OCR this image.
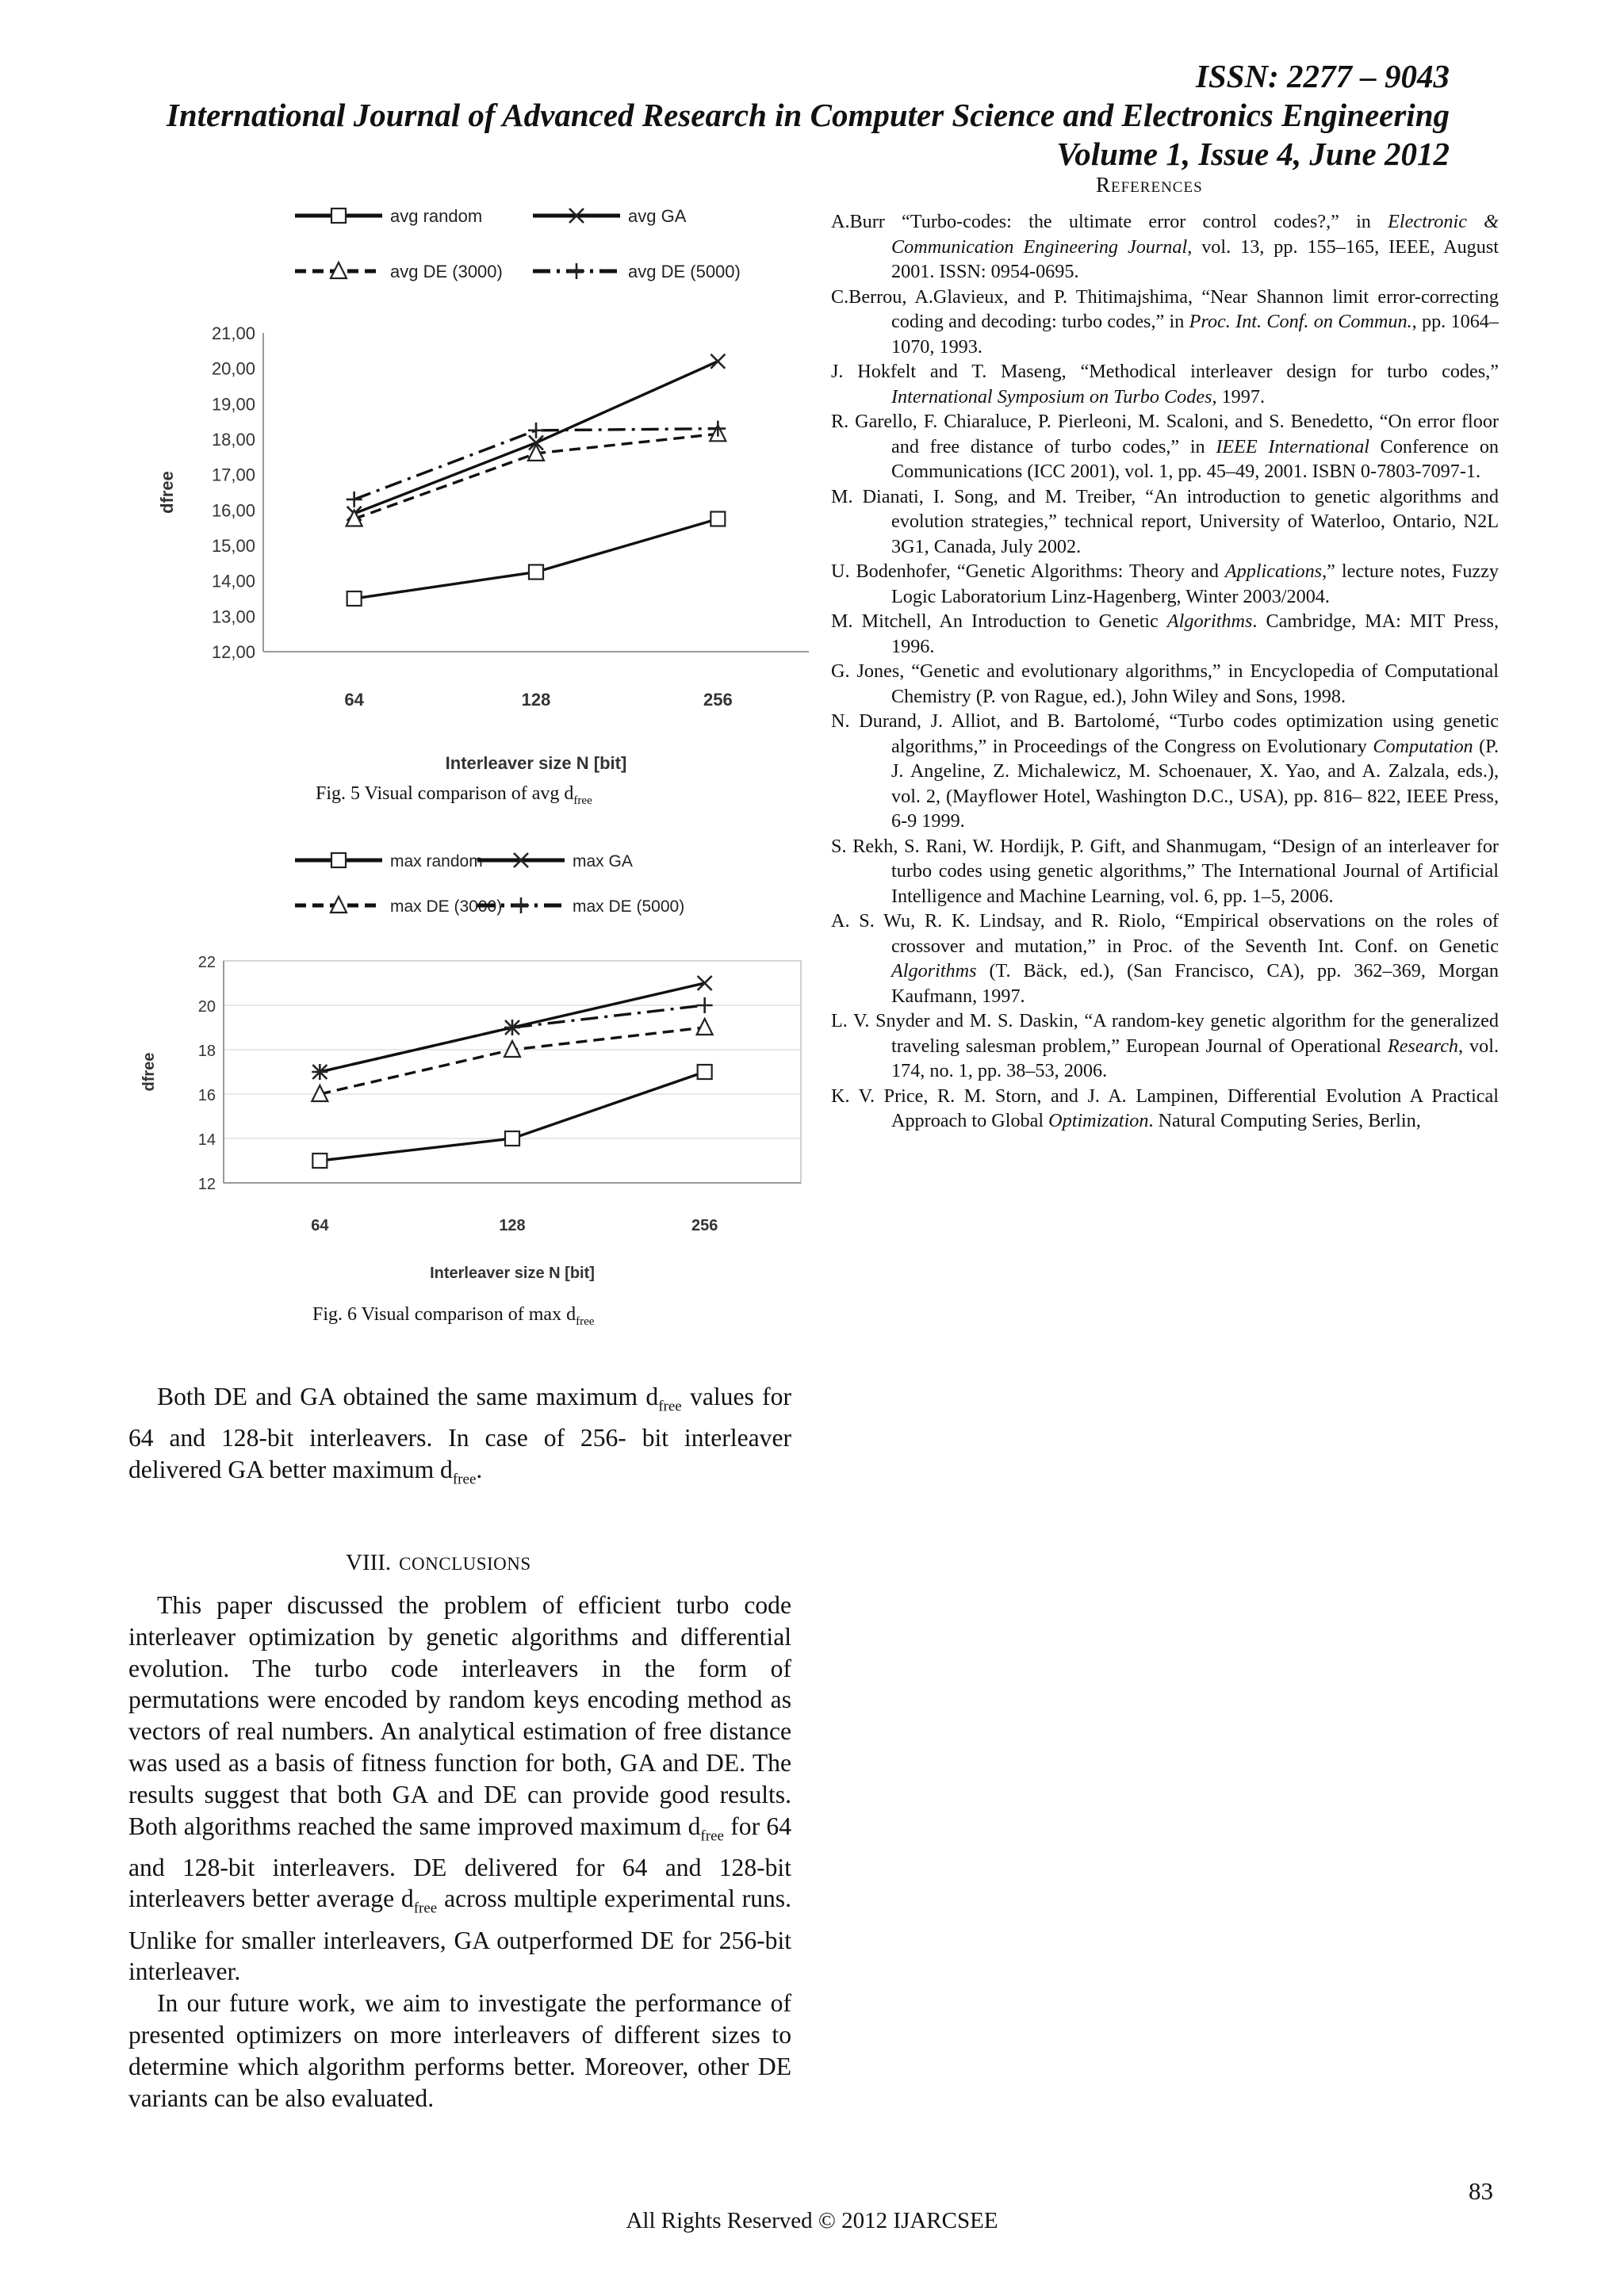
ISSN: 2277 – 9043
International Journal of Advanced Research in Computer Science and Electronics Engineering
Volume 1, Issue 4, June 2012
References

A.Burr “Turbo-codes: the ultimate error control codes?,” in Electronic & Communication Engineering Journal, vol. 13, pp. 155–165, IEEE, August 2001. ISSN: 0954-0695.

C.Berrou, A.Glavieux, and P. Thitimajshima, “Near Shannon limit error-correcting coding and decoding: turbo codes,” in Proc. Int. Conf. on Commun., pp. 1064–1070, 1993.

J. Hokfelt and T. Maseng, “Methodical interleaver design for turbo codes,” International Symposium on Turbo Codes, 1997.

R. Garello, F. Chiaraluce, P. Pierleoni, M. Scaloni, and S. Benedetto, “On error floor and free distance of turbo codes,” in IEEE International Conference on Communications (ICC 2001), vol. 1, pp. 45–49, 2001. ISBN 0-7803-7097-1.

M. Dianati, I. Song, and M. Treiber, “An introduction to genetic algorithms and evolution strategies,” technical report, University of Waterloo, Ontario, N2L 3G1, Canada, July 2002.

U. Bodenhofer, “Genetic Algorithms: Theory and Applications,” lecture notes, Fuzzy Logic Laboratorium Linz-Hagenberg, Winter 2003/2004.

M. Mitchell, An Introduction to Genetic Algorithms. Cambridge, MA: MIT Press, 1996.

G. Jones, “Genetic and evolutionary algorithms,” in Encyclopedia of Computational Chemistry (P. von Rague, ed.), John Wiley and Sons, 1998.

N. Durand, J. Alliot, and B. Bartolomé, “Turbo codes optimization using genetic algorithms,” in Proceedings of the Congress on Evolutionary Computation (P. J. Angeline, Z. Michalewicz, M. Schoenauer, X. Yao, and A. Zalzala, eds.), vol. 2, (Mayflower Hotel, Washington D.C., USA), pp. 816– 822, IEEE Press, 6-9 1999.

S. Rekh, S. Rani, W. Hordijk, P. Gift, and Shanmugam, “Design of an interleaver for turbo codes using genetic algorithms,” The International Journal of Artificial Intelligence and Machine Learning, vol. 6, pp. 1–5, 2006.

A. S. Wu, R. K. Lindsay, and R. Riolo, “Empirical observations on the roles of crossover and mutation,” in Proc. of the Seventh Int. Conf. on Genetic Algorithms (T. Bäck, ed.), (San Francisco, CA), pp. 362–369, Morgan Kaufmann, 1997.

L. V. Snyder and M. S. Daskin, “A random-key genetic algorithm for the generalized traveling salesman problem,” European Journal of Operational Research, vol. 174, no. 1, pp. 38–53, 2006.

K. V. Price, R. M. Storn, and J. A. Lampinen, Differential Evolution A Practical Approach to Global Optimization. Natural Computing Series, Berlin,

avg random	avg GA
avg DE (3000)	avg DE (5000)
12,00
13,00
14,00
15,00
16,00
17,00
18,00
19,00
20,00
21,00
64	128	256
dfree
Interleaver size N [bit]
Fig. 5 Visual comparison of avg $d_{free}$
max random	max GA
max DE (3000)	max DE (5000)
12
14
16
18
20
22
64	128	256
dfree
Interleaver size N [bit]
Fig. 6 Visual comparison of $\max d_{free}$

Both DE and GA obtained the same maximum $d_{free}$ values for 64 and 128-bit interleavers. In case of 256- bit interleaver delivered GA better maximum $d_{free}$.

VIII. CONCLUSIONS

This paper discussed the problem of efficient turbo code interleaver optimization by genetic algorithms and differential evolution. The turbo code interleavers in the form of permutations were encoded by random keys encoding method as vectors of real numbers. An analytical estimation of free distance was used as a basis of fitness function for both, GA and DE. The results suggest that both GA and DE can provide good results. Both algorithms reached the same improved maximum $d_{free}$ for 64 and 128-bit interleavers. DE delivered for 64 and 128-bit interleavers better average $d_{free}$ across multiple experimental runs. Unlike for smaller interleavers, GA outperformed DE for 256-bit interleaver.

In our future work, we aim to investigate the performance of presented optimizers on more interleavers of different sizes to determine which algorithm performs better. Moreover, other DE variants can be also evaluated.

83
All Rights Reserved © 2012 IJARCSEE
